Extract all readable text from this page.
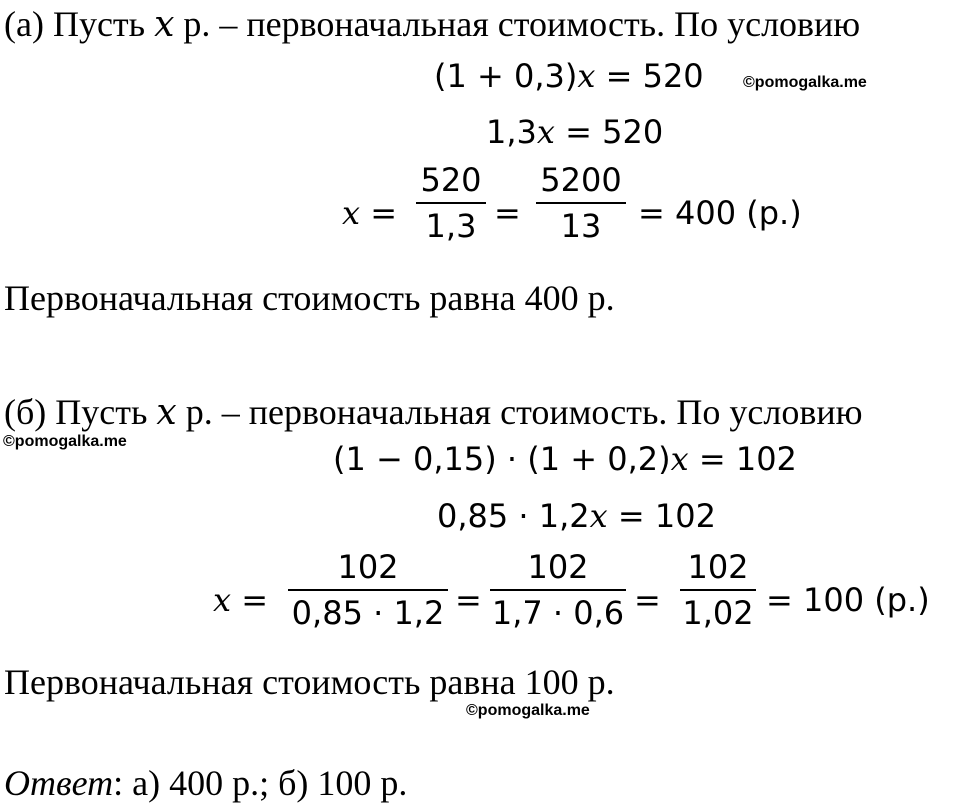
(а) Пусть x р. – первоначальная стоимость. По условию
(1 + 0,3)x = 520 ©pomogalka.me
1,3x = 520
x =
520
1,3 =
5200
13 = 400 (р.)
Первоначальная стоимость равна 400 р.
(б) Пусть x р. – первоначальная стоимость. По условию
©pomogalka.me	(1 − 0,15) · (1 + 0,2)x = 102
0,85 · 1,2x = 102
x =
102
0,85 · 1,2 =
102
1,7 · 0,6 =
102
1,02 = 100 (р.)
Первоначальная стоимость равна 100 р.
©pomogalka.me
Ответ: а) 400 р.; б) 100 р.
